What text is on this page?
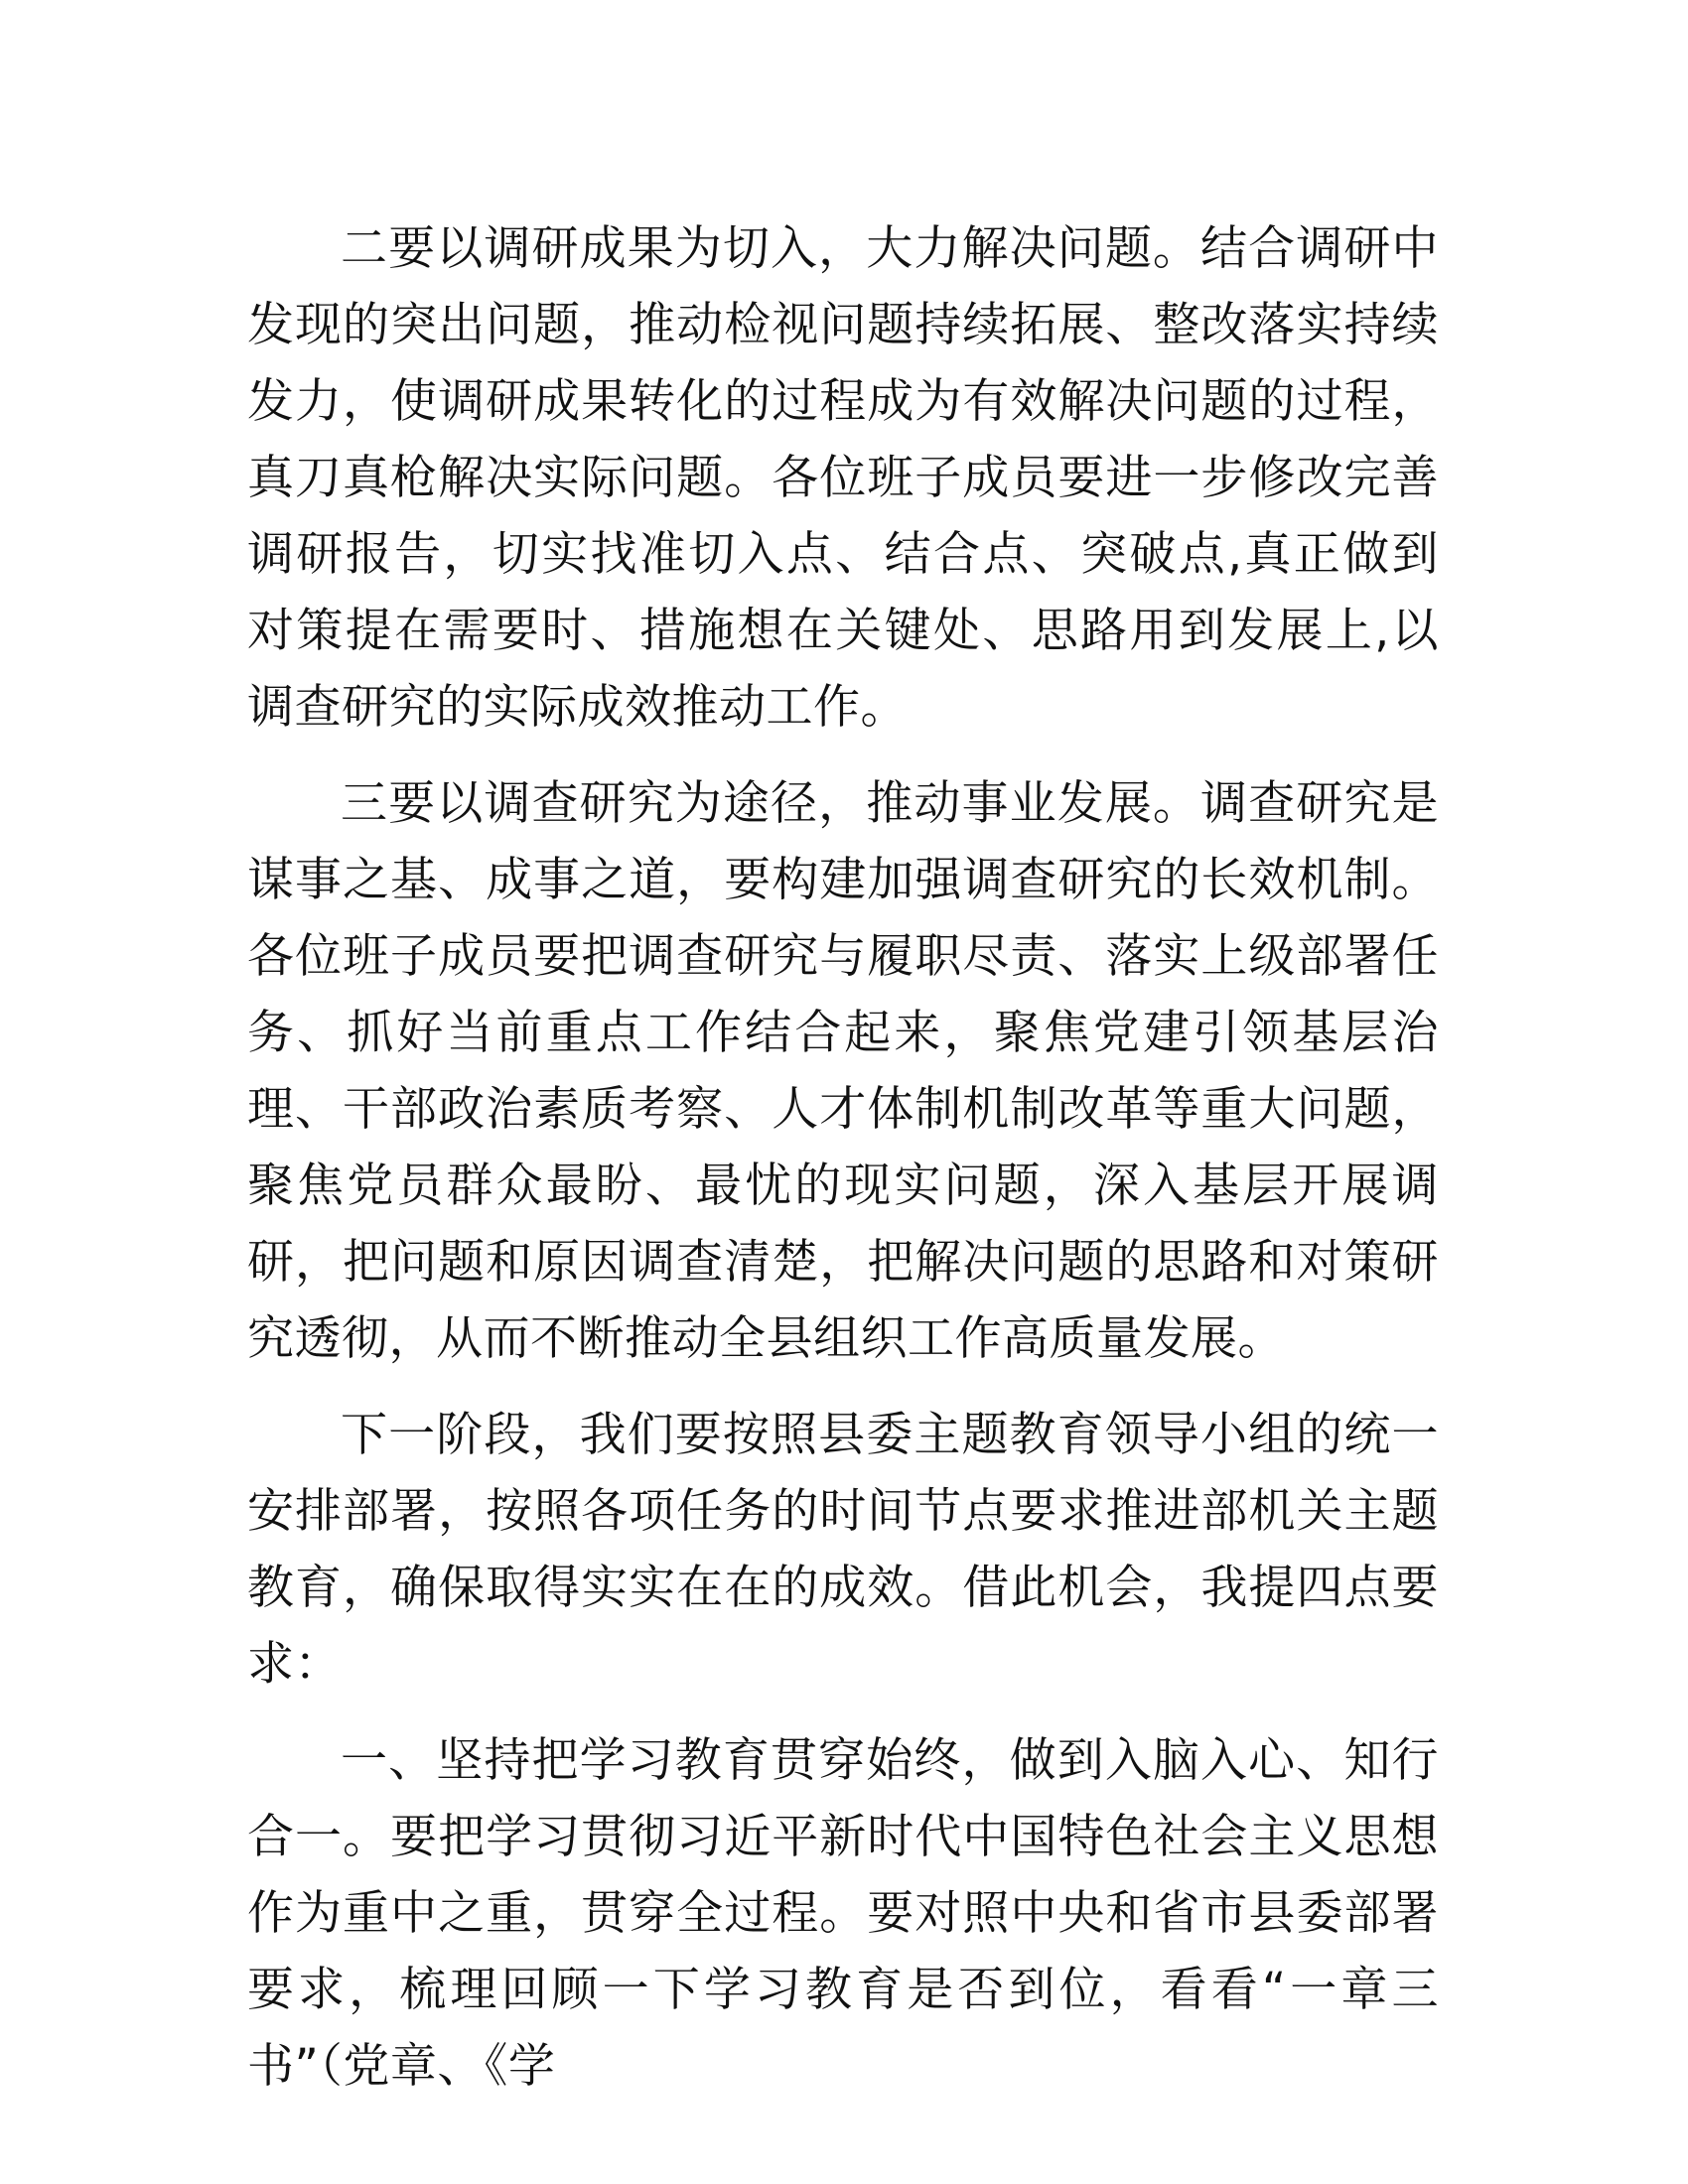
二要以调研成果为切入，大力解决问题。结合调研中发现的突出问题，推动检视问题持续拓展、整改落实持续发力，使调研成果转化的过程成为有效解决问题的过程，真刀真枪解决实际问题。各位班子成员要进一步修改完善调研报告，切实找准切入点、结合点、突破点,真正做到对策提在需要时、措施想在关键处、思路用到发展上,以调查研究的实际成效推动工作。

三要以调查研究为途径，推动事业发展。调查研究是谋事之基、成事之道，要构建加强调查研究的长效机制。各位班子成员要把调查研究与履职尽责、落实上级部署任务、抓好当前重点工作结合起来，聚焦党建引领基层治理、干部政治素质考察、人才体制机制改革等重大问题，聚焦党员群众最盼、最忧的现实问题，深入基层开展调研，把问题和原因调查清楚，把解决问题的思路和对策研究透彻，从而不断推动全县组织工作高质量发展。

下一阶段，我们要按照县委主题教育领导小组的统一安排部署，按照各项任务的时间节点要求推进部机关主题教育，确保取得实实在在的成效。借此机会，我提四点要求：

一、坚持把学习教育贯穿始终，做到入脑入心、知行合一。要把学习贯彻习近平新时代中国特色社会主义思想作为重中之重，贯穿全过程。要对照中央和省市县委部署要求，梳理回顾一下学习教育是否到位，看看“一章三书”（党章、《学
